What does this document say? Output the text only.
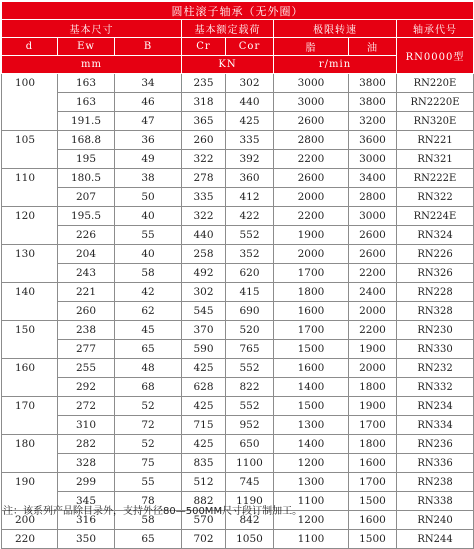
圆柱滚子轴承（无外圈）							
基本尺寸			基本额定载荷		极限转速		轴承代号
d	Ew	B	Cr	Cor	脂	油	RN0000型
mm			KN		r/min		
100	163	34	235	302	3000	3800	RN220E
	163	46	318	440	3000	3800	RN2220E
	191.5	47	365	425	2600	3200	RN320E
105	168.8	36	260	335	2800	3600	RN221
	195	49	322	392	2200	3000	RN321
110	180.5	38	278	360	2600	3400	RN222E
	207	50	335	412	2000	2800	RN322
120	195.5	40	322	422	2200	3000	RN224E
	226	55	440	552	1900	2600	RN324
130	204	40	258	352	2000	2600	RN226
	243	58	492	620	1700	2200	RN326
140	221	42	302	415	1800	2400	RN228
	260	62	545	690	1600	2000	RN328
150	238	45	370	520	1700	2200	RN230
	277	65	590	765	1500	1900	RN330
160	255	48	425	552	1600	2000	RN232
	292	68	628	822	1400	1800	RN332
170	272	52	425	552	1500	1900	RN234
	310	72	715	952	1300	1700	RN334
180	282	52	425	650	1400	1800	RN236
	328	75	835	1100	1200	1600	RN336
190	299	55	512	745	1300	1700	RN238
	345	78	882	1190	1100	1500	RN338
200	316	58	570	842	1200	1600	RN240
220	350	65	702	1050	1100	1500	RN244
注：该系列产品除目录外，支持外径80—500MM尺寸段订制加工。
